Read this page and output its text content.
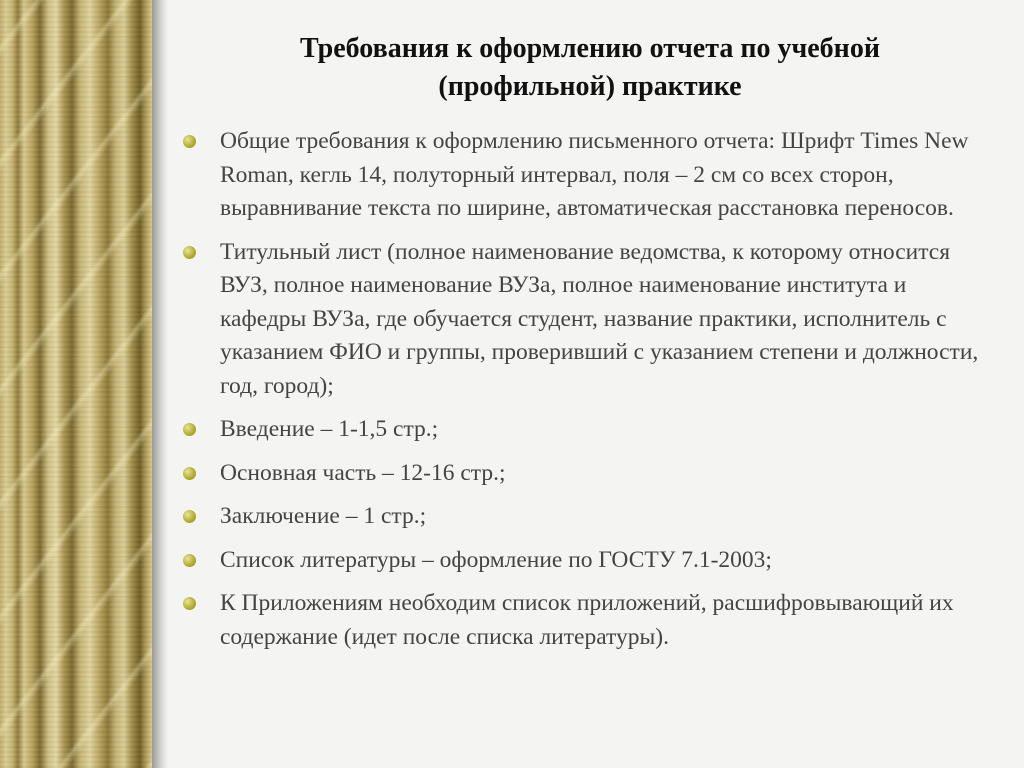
Требования к оформлению отчета по учебной
(профильной) практике
Общие требования к оформлению письменного отчета: Шрифт Times New Roman, кегль 14, полуторный интервал, поля – 2 см со всех сторон, выравнивание текста по ширине, автоматическая расстановка переносов.
Титульный лист (полное наименование ведомства, к которому относится ВУЗ, полное наименование ВУЗа, полное наименование института и кафедры ВУЗа, где обучается студент, название практики, исполнитель с указанием ФИО и группы, проверивший с указанием степени и должности, год, город);
Введение – 1-1,5 стр.;
Основная часть – 12-16 стр.;
Заключение – 1 стр.;
Список литературы – оформление по ГОСТУ 7.1-2003;
К Приложениям необходим список приложений, расшифровывающий их содержание (идет после списка литературы).
